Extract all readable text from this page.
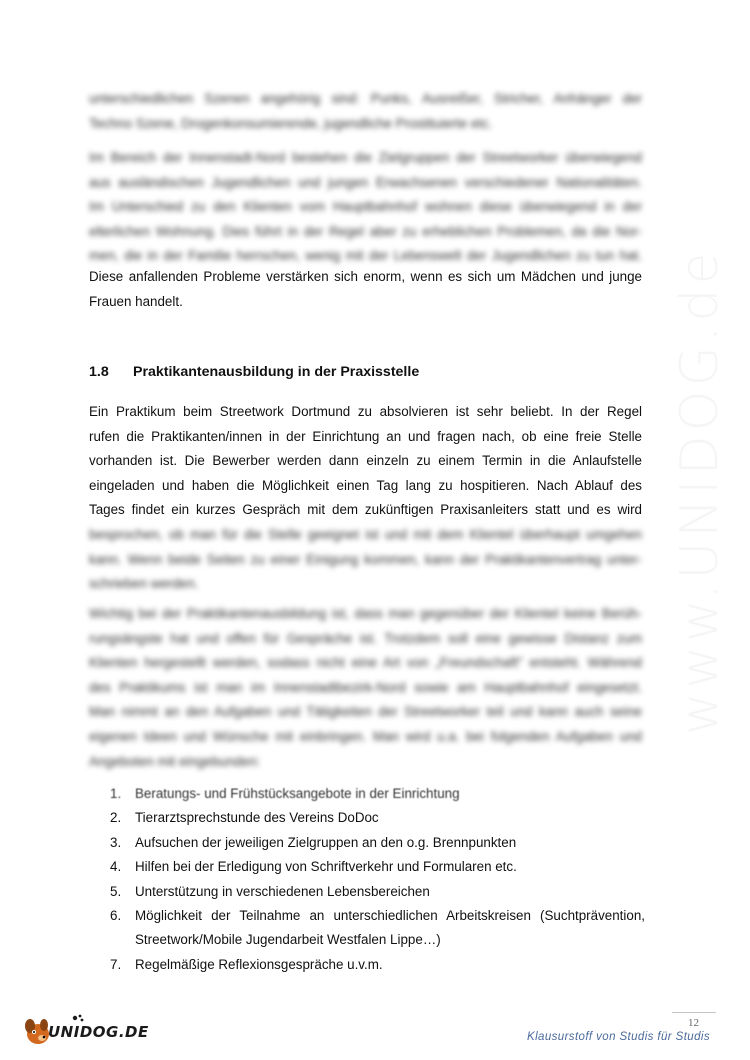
www.UNIDOG.de
unterschiedlichen Szenen angehörig sind: Punks, Ausreißer, Stricher, Anhänger der
Techno Szene, Drogenkonsumierende, jugendliche Prostituierte etc.
Im Bereich der Innenstadt-Nord bestehen die Zielgruppen der Streetworker überwiegend
aus ausländischen Jugendlichen und jungen Erwachsenen verschiedener Nationalitäten.
Im Unterschied zu den Klienten vom Hauptbahnhof wohnen diese überwiegend in der
elterlichen Wohnung. Dies führt in der Regel aber zu erheblichen Problemen, da die Nor-
men, die in der Familie herrschen, wenig mit der Lebenswelt der Jugendlichen zu tun hat.
Diese anfallenden Probleme verstärken sich enorm, wenn es sich um Mädchen und junge
Frauen handelt.
1.8 Praktikantenausbildung in der Praxisstelle
Ein Praktikum beim Streetwork Dortmund zu absolvieren ist sehr beliebt. In der Regel
rufen die Praktikanten/innen in der Einrichtung an und fragen nach, ob eine freie Stelle
vorhanden ist. Die Bewerber werden dann einzeln zu einem Termin in die Anlaufstelle
eingeladen und haben die Möglichkeit einen Tag lang zu hospitieren. Nach Ablauf des
Tages findet ein kurzes Gespräch mit dem zukünftigen Praxisanleiters statt und es wird
besprochen, ob man für die Stelle geeignet ist und mit dem Klientel überhaupt umgehen
kann. Wenn beide Seiten zu einer Einigung kommen, kann der Praktikantenvertrag unter-
schrieben werden.
Wichtig bei der Praktikantenausbildung ist, dass man gegenüber der Klientel keine Berüh-
rungsängste hat und offen für Gespräche ist. Trotzdem soll eine gewisse Distanz zum
Klienten hergestellt werden, sodass nicht eine Art von „Freundschaft" entsteht. Während
des Praktikums ist man im Innenstadtbezirk-Nord sowie am Hauptbahnhof eingesetzt.
Man nimmt an den Aufgaben und Tätigkeiten der Streetworker teil und kann auch seine
eigenen Ideen und Wünsche mit einbringen. Man wird u.a. bei folgenden Aufgaben und
Angeboten mit eingebunden:
1. Beratungs- und Frühstücksangebote in der Einrichtung
2. Tierarztsprechstunde des Vereins DoDoc
3. Aufsuchen der jeweiligen Zielgruppen an den o.g. Brennpunkten
4. Hilfen bei der Erledigung von Schriftverkehr und Formularen etc.
5. Unterstützung in verschiedenen Lebensbereichen
6. Möglichkeit der Teilnahme an unterschiedlichen Arbeitskreisen (Suchtprävention,
Streetwork/Mobile Jugendarbeit Westfalen Lippe…)
7. Regelmäßige Reflexionsgespräche u.v.m.
12
UNIDOG.DE	Klausurstoff von Studis für Studis
